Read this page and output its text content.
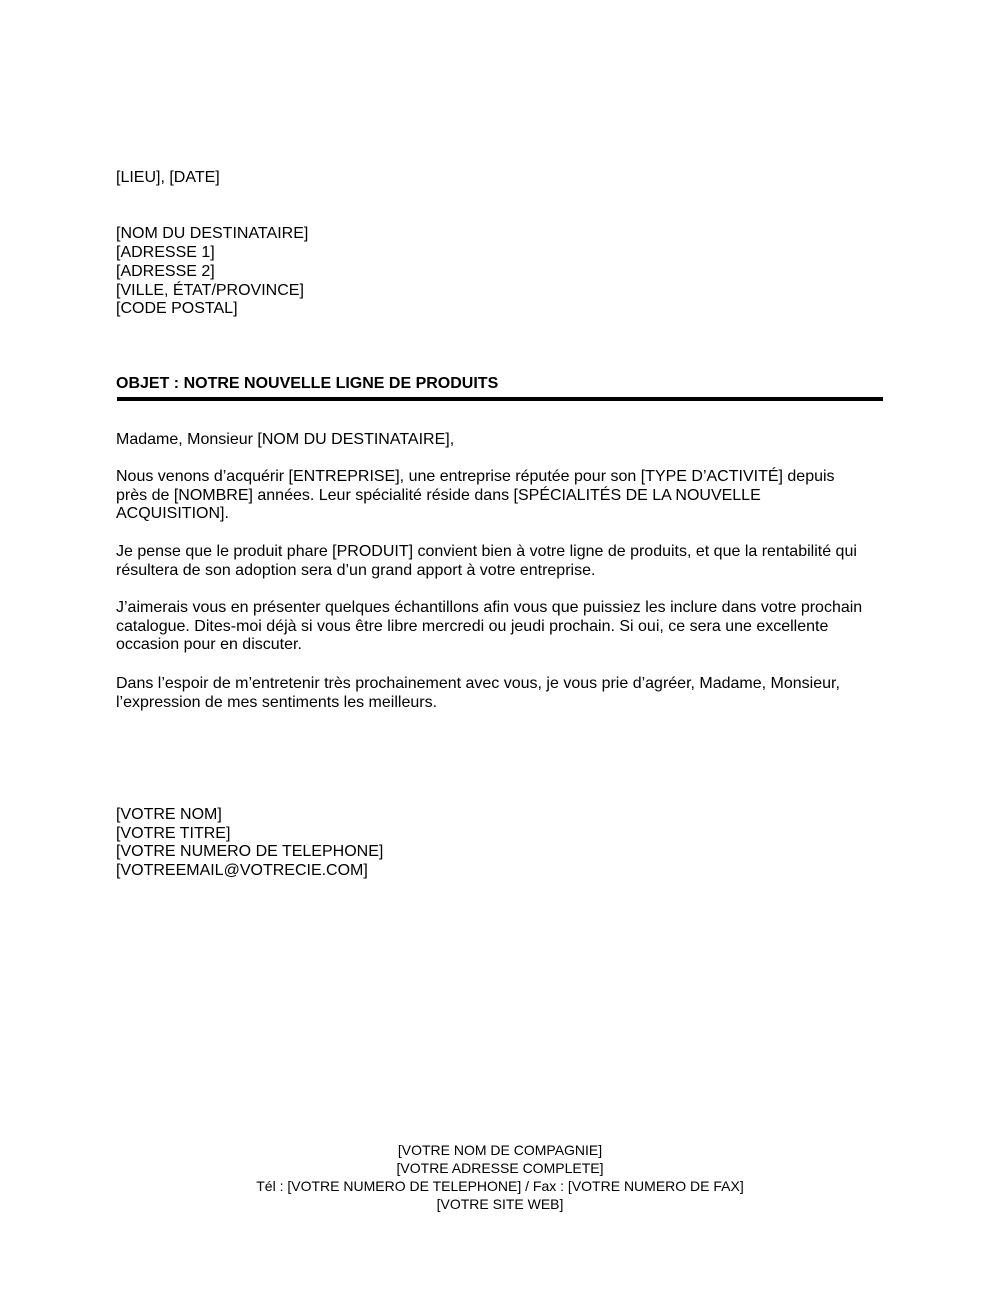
[LIEU], [DATE]
[NOM DU DESTINATAIRE]
[ADRESSE 1]
[ADRESSE 2]
[VILLE, ÉTAT/PROVINCE]
[CODE POSTAL]
OBJET : NOTRE NOUVELLE LIGNE DE PRODUITS
Madame, Monsieur [NOM DU DESTINATAIRE],

Nous venons d’acquérir [ENTREPRISE], une entreprise réputée pour son [TYPE D’ACTIVITÉ] depuis

près de [NOMBRE] années. Leur spécialité réside dans [SPÉCIALITÉS DE LA NOUVELLE

ACQUISITION].

Je pense que le produit phare [PRODUIT] convient bien à votre ligne de produits, et que la rentabilité qui

résultera de son adoption sera d’un grand apport à votre entreprise.

J’aimerais vous en présenter quelques échantillons afin vous que puissiez les inclure dans votre prochain

catalogue. Dites-moi déjà si vous être libre mercredi ou jeudi prochain. Si oui, ce sera une excellente

occasion pour en discuter.

Dans l’espoir de m’entretenir très prochainement avec vous, je vous prie d’agréer, Madame, Monsieur,

l’expression de mes sentiments les meilleurs.

[VOTRE NOM]
[VOTRE TITRE]
[VOTRE NUMERO DE TELEPHONE]
[VOTREEMAIL@VOTRECIE.COM]
[VOTRE NOM DE COMPAGNIE]
[VOTRE ADRESSE COMPLETE]
Tél : [VOTRE NUMERO DE TELEPHONE] / Fax : [VOTRE NUMERO DE FAX]
[VOTRE SITE WEB]
